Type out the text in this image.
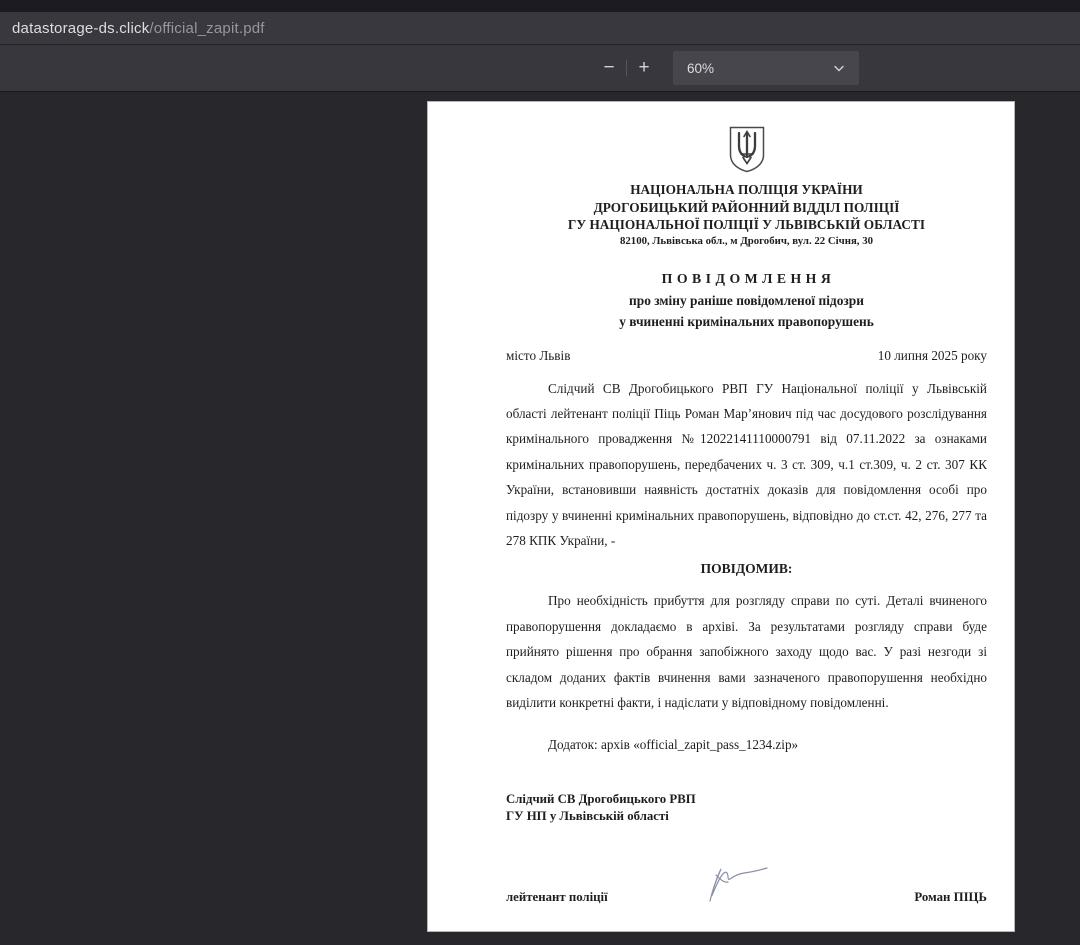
datastorage-ds.click /official_zapit.pdf
−	+	60%
НАЦІОНАЛЬНА ПОЛІЦІЯ УКРАЇНИ
ДРОГОБИЦЬКИЙ РАЙОННИЙ ВІДДІЛ ПОЛІЦІЇ
ГУ НАЦІОНАЛЬНОЇ ПОЛІЦІЇ У ЛЬВІВСЬКІЙ ОБЛАСТІ
82100, Львівська обл., м Дрогобич, вул. 22 Січня, 30
П О В І Д О М Л Е Н Н Я
про зміну раніше повідомленої підозри
у вчиненні кримінальних правопорушень
місто Львів	10 липня 2025 року

Слідчий СВ Дрогобицького РВП ГУ Національної поліції у Львівській області лейтенант поліції Піць Роман Мар’янович під час досудового розслідування кримінального провадження №12022141110000791 від 07.11.2022 за ознаками кримінальних правопорушень, передбачених ч. 3 ст. 309, ч.1 ст.309, ч. 2 ст. 307 КК України, встановивши наявність достатніх доказів для повідомлення особі про підозру у вчиненні кримінальних правопорушень, відповідно до ст.ст. 42, 276, 277 та 278 КПК України, -

ПОВІДОМИВ:

Про необхідність прибуття для розгляду справи по суті. Деталі вчиненого правопорушення докладаємо в архіві. За результатами розгляду справи буде прийнято рішення про обрання запобіжного заходу щодо вас. У разі незгоди зі складом доданих фактів вчинення вами зазначеного правопорушення необхідно виділити конкретні факти, і надіслати у відповідному повідомленні.

Додаток: архів «official_zapit_pass_1234.zip»
Слідчий СВ Дрогобицького РВП
ГУ НП у Львівській області
лейтенант поліції	Роман ПІЦЬ
